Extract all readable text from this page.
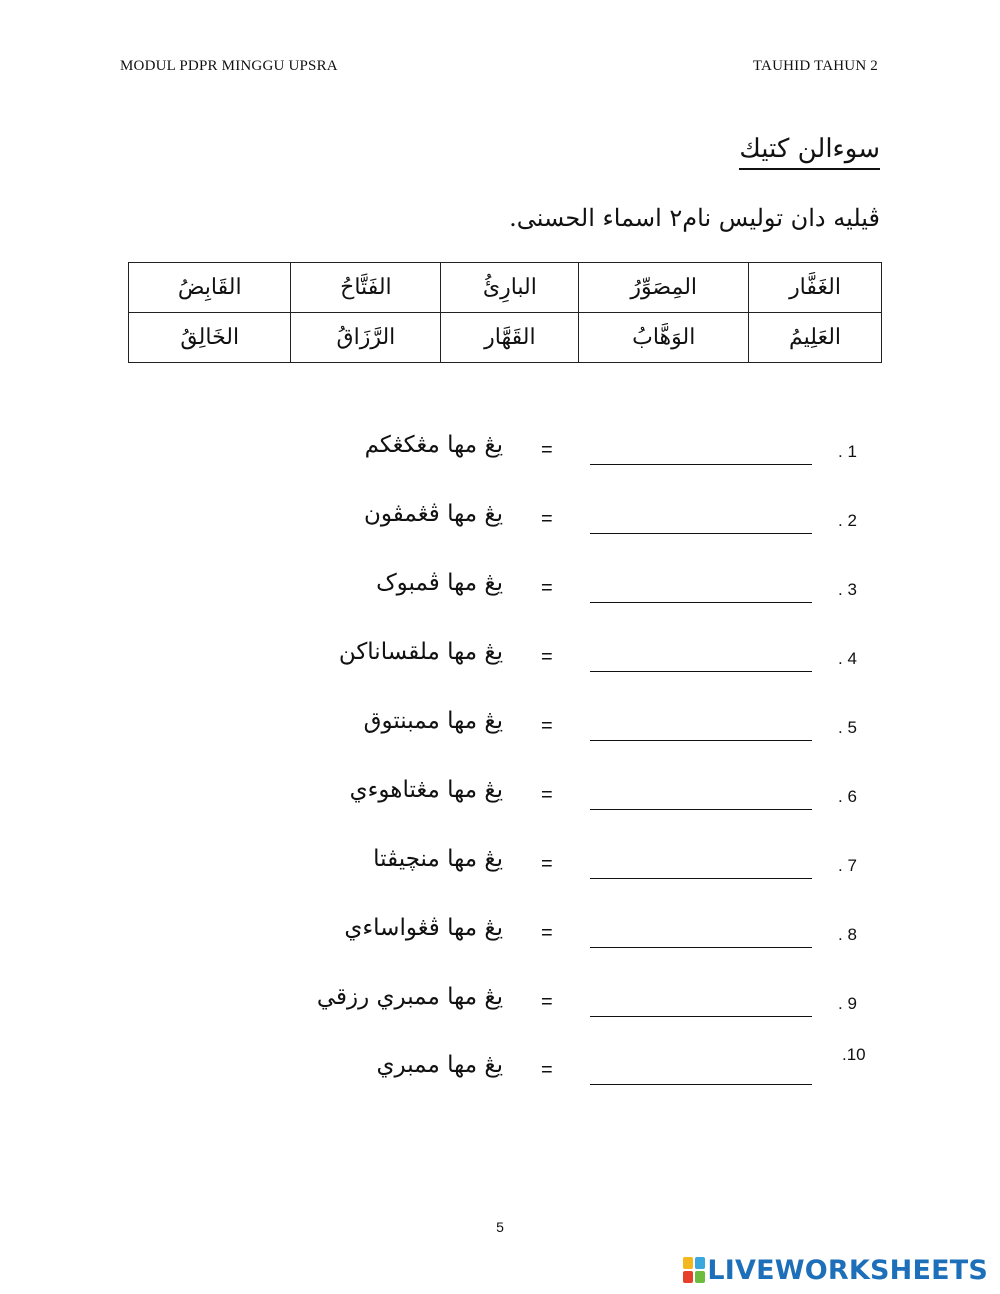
MODUL PDPR MINGGU UPSRA	TAUHID TAHUN 2
سوءالن كتيك
ڤيليه دان توليس نام٢ اسماء الحسنى.
الغَفَّار	المِصَوِّرُ	البارِئُ	الفَتَّاحُ	القَابِضُ
العَلِيمُ	الوَهَّابُ	القَهَّار	الرَّزَاقُ	الخَالِقُ
. 1
=
يڠ مها مڠكڠكم
. 2
=
يڠ مها ڤڠمڤون
. 3
=
يڠ مها ڤمبوک
. 4
=
يڠ مها ملقساناكن
. 5
=
يڠ مها ممبنتوق
. 6
=
يڠ مها مڠتاهوءي
. 7
=
يڠ مها منچيڤتا
. 8
=
يڠ مها ڤڠواساءي
. 9
=
يڠ مها ممبري رزقي
.10
=
يڠ مها ممبري
5
LIVEWORKSHEETS
